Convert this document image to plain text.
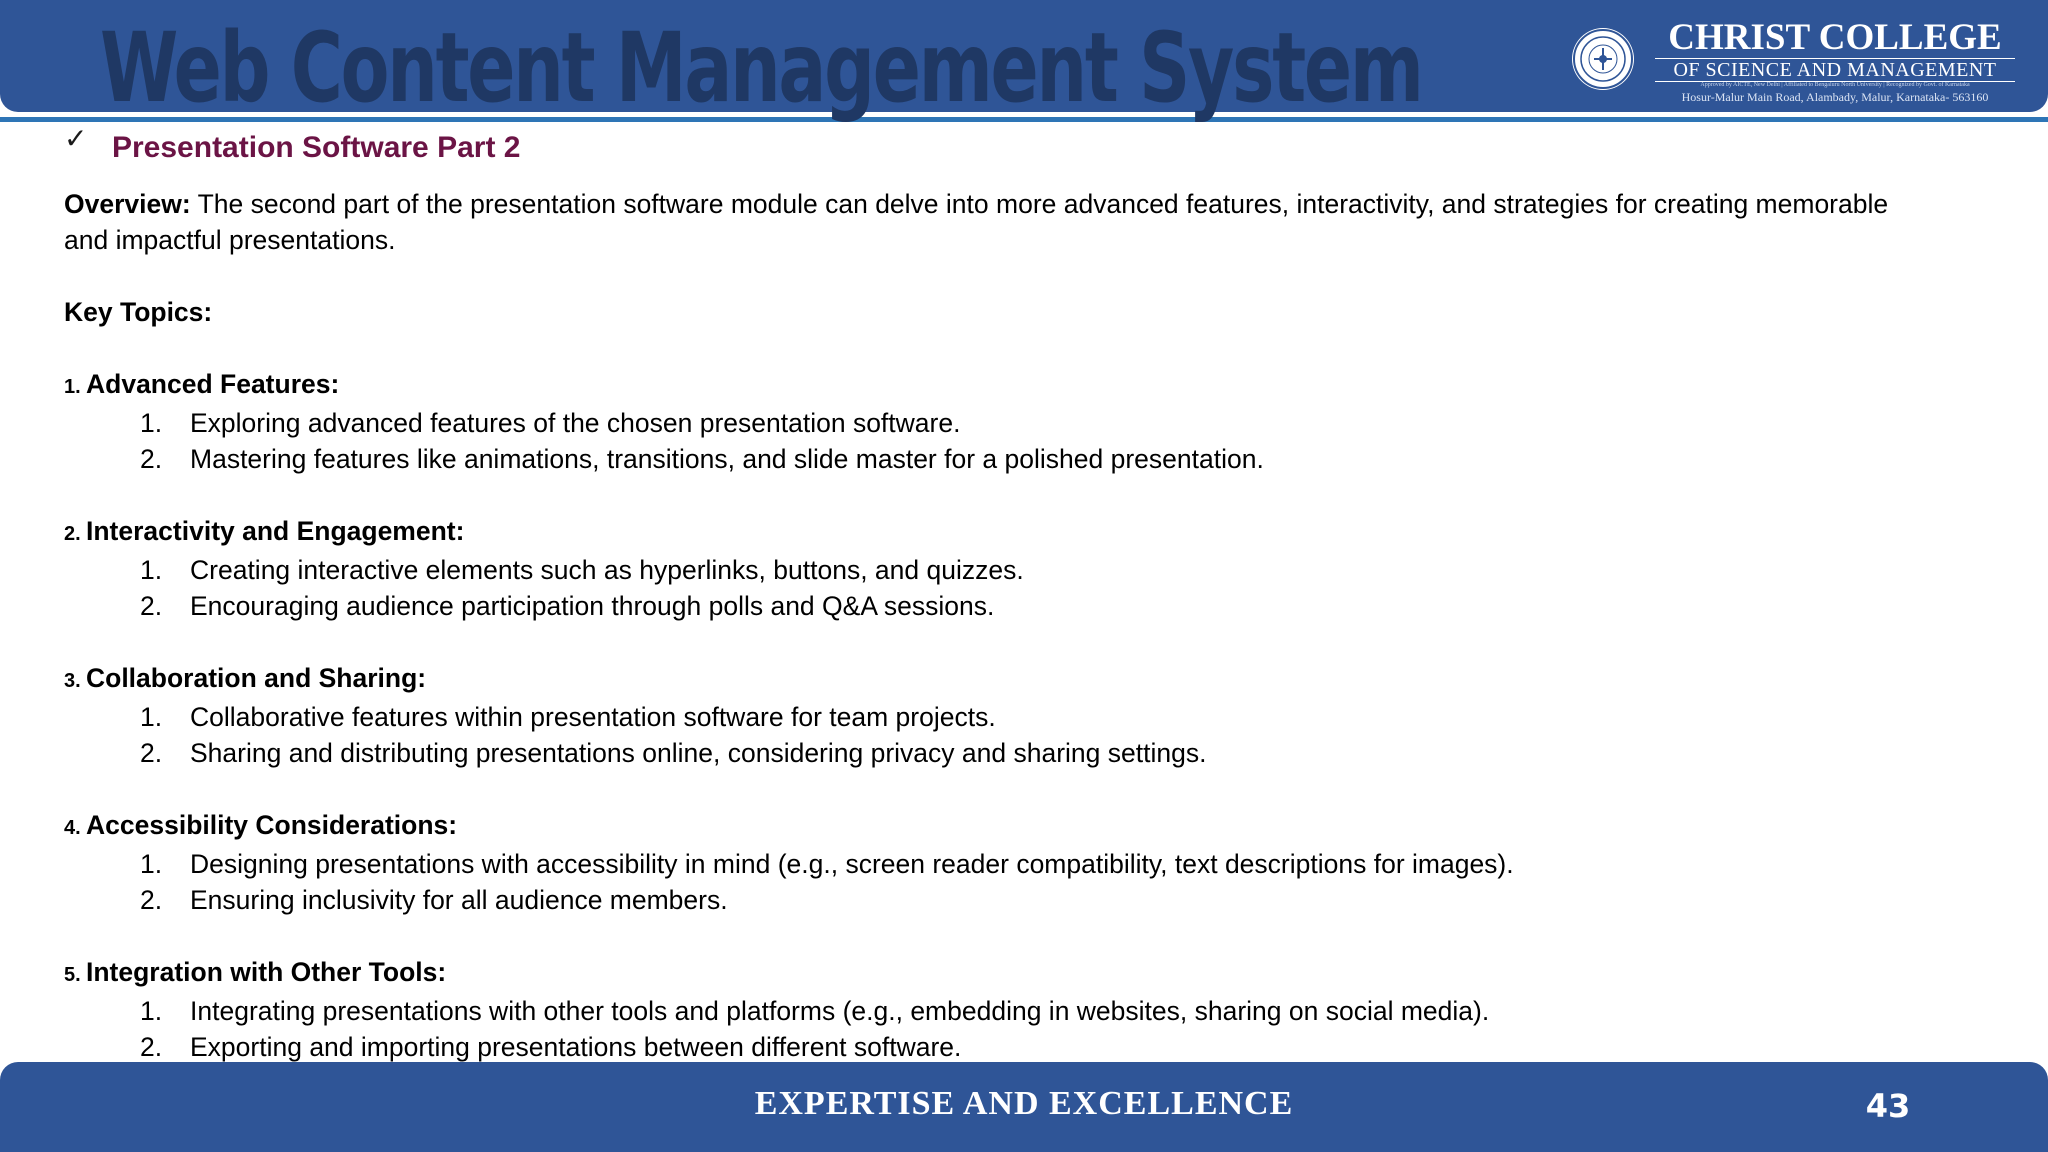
Web Content Management System	CHRIST COLLEGE
OF SCIENCE AND MANAGEMENT
Approved by AICTE, New Delhi | Affiliated to Bengaluru North University | Recognized by Govt. of Karnataka
Hosur-Malur Main Road, Alambady, Malur, Karnataka- 563160
✓ Presentation Software Part 2

Overview: The second part of the presentation software module can delve into more advanced features, interactivity, and strategies for creating memorable and impactful presentations.

Key Topics:

1. Advanced Features:

1. Exploring advanced features of the chosen presentation software.

2. Mastering features like animations, transitions, and slide master for a polished presentation.

2. Interactivity and Engagement:

1. Creating interactive elements such as hyperlinks, buttons, and quizzes.

2. Encouraging audience participation through polls and Q&A sessions.

3. Collaboration and Sharing:

1. Collaborative features within presentation software for team projects.

2. Sharing and distributing presentations online, considering privacy and sharing settings.

4. Accessibility Considerations:

1. Designing presentations with accessibility in mind (e.g., screen reader compatibility, text descriptions for images).

2. Ensuring inclusivity for all audience members.

5. Integration with Other Tools:

1. Integrating presentations with other tools and platforms (e.g., embedding in websites, sharing on social media).

2. Exporting and importing presentations between different software.

EXPERTISE AND EXCELLENCE	43
